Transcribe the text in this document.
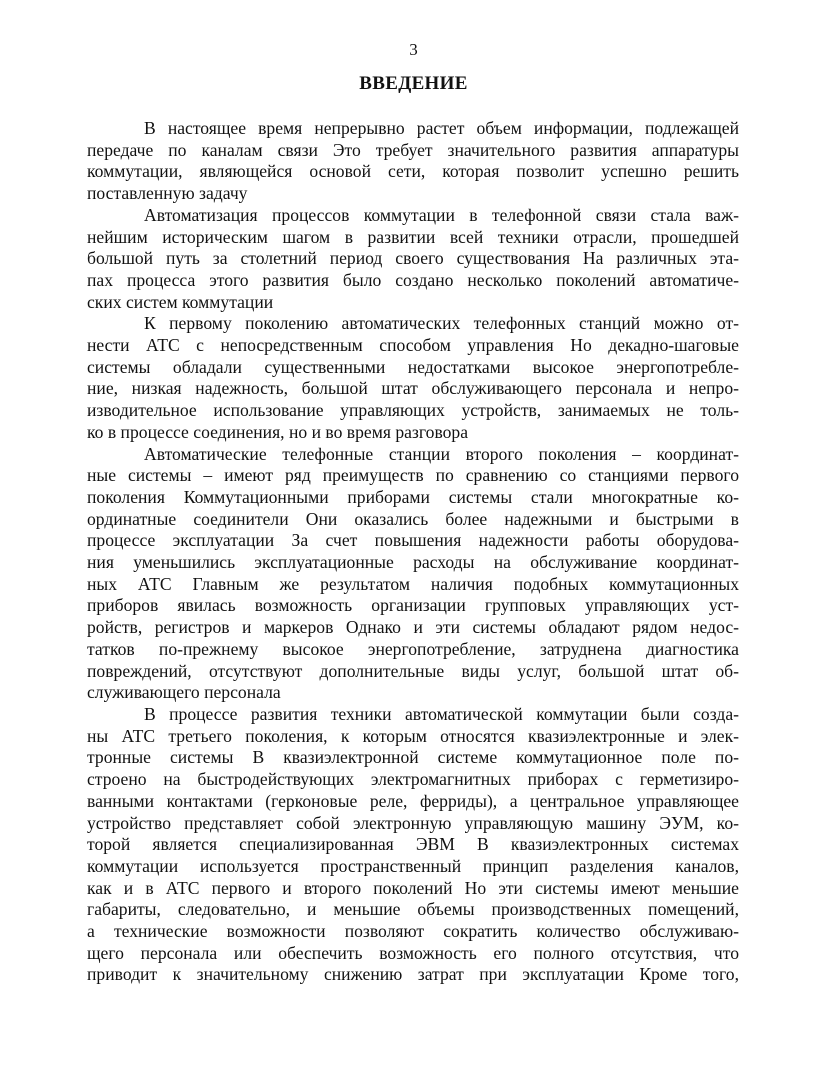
3
ВВЕДЕНИЕ

В настоящее время непрерывно растет объем информации, подлежащей
передаче по каналам связи Это требует значительного развития аппаратуры
коммутации, являющейся основой сети, которая позволит успешно решить
поставленную задачу

Автоматизация процессов коммутации в телефонной связи стала важ-
нейшим историческим шагом в развитии всей техники отрасли, прошедшей
большой путь за столетний период своего существования На различных эта-
пах процесса этого развития было создано несколько поколений автоматиче-
ских систем коммутации

К первому поколению автоматических телефонных станций можно от-
нести АТС с непосредственным способом управления Но декадно-шаговые
системы обладали существенными недостатками высокое энергопотребле-
ние, низкая надежность, большой штат обслуживающего персонала и непро-
изводительное использование управляющих устройств, занимаемых не толь-
ко в процессе соединения, но и во время разговора

Автоматические телефонные станции второго поколения – координат-
ные системы – имеют ряд преимуществ по сравнению со станциями первого
поколения Коммутационными приборами системы стали многократные ко-
ординатные соединители Они оказались более надежными и быстрыми в
процессе эксплуатации За счет повышения надежности работы оборудова-
ния уменьшились эксплуатационные расходы на обслуживание координат-
ных АТС Главным же результатом наличия подобных коммутационных
приборов явилась возможность организации групповых управляющих уст-
ройств, регистров и маркеров Однако и эти системы обладают рядом недос-
татков по-прежнему высокое энергопотребление, затруднена диагностика
повреждений, отсутствуют дополнительные виды услуг, большой штат об-
служивающего персонала

В процессе развития техники автоматической коммутации были созда-
ны АТС третьего поколения, к которым относятся квазиэлектронные и элек-
тронные системы В квазиэлектронной системе коммутационное поле по-
строено на быстродействующих электромагнитных приборах с герметизиро-
ванными контактами (герконовые реле, ферриды), а центральное управляющее
устройство представляет собой электронную управляющую машину ЭУМ, ко-
торой является специализированная ЭВМ В квазиэлектронных системах
коммутации используется пространственный принцип разделения каналов,
как и в АТС первого и второго поколений Но эти системы имеют меньшие
габариты, следовательно, и меньшие объемы производственных помещений,
а технические возможности позволяют сократить количество обслуживаю-
щего персонала или обеспечить возможность его полного отсутствия, что
приводит к значительному снижению затрат при эксплуатации Кроме того,
